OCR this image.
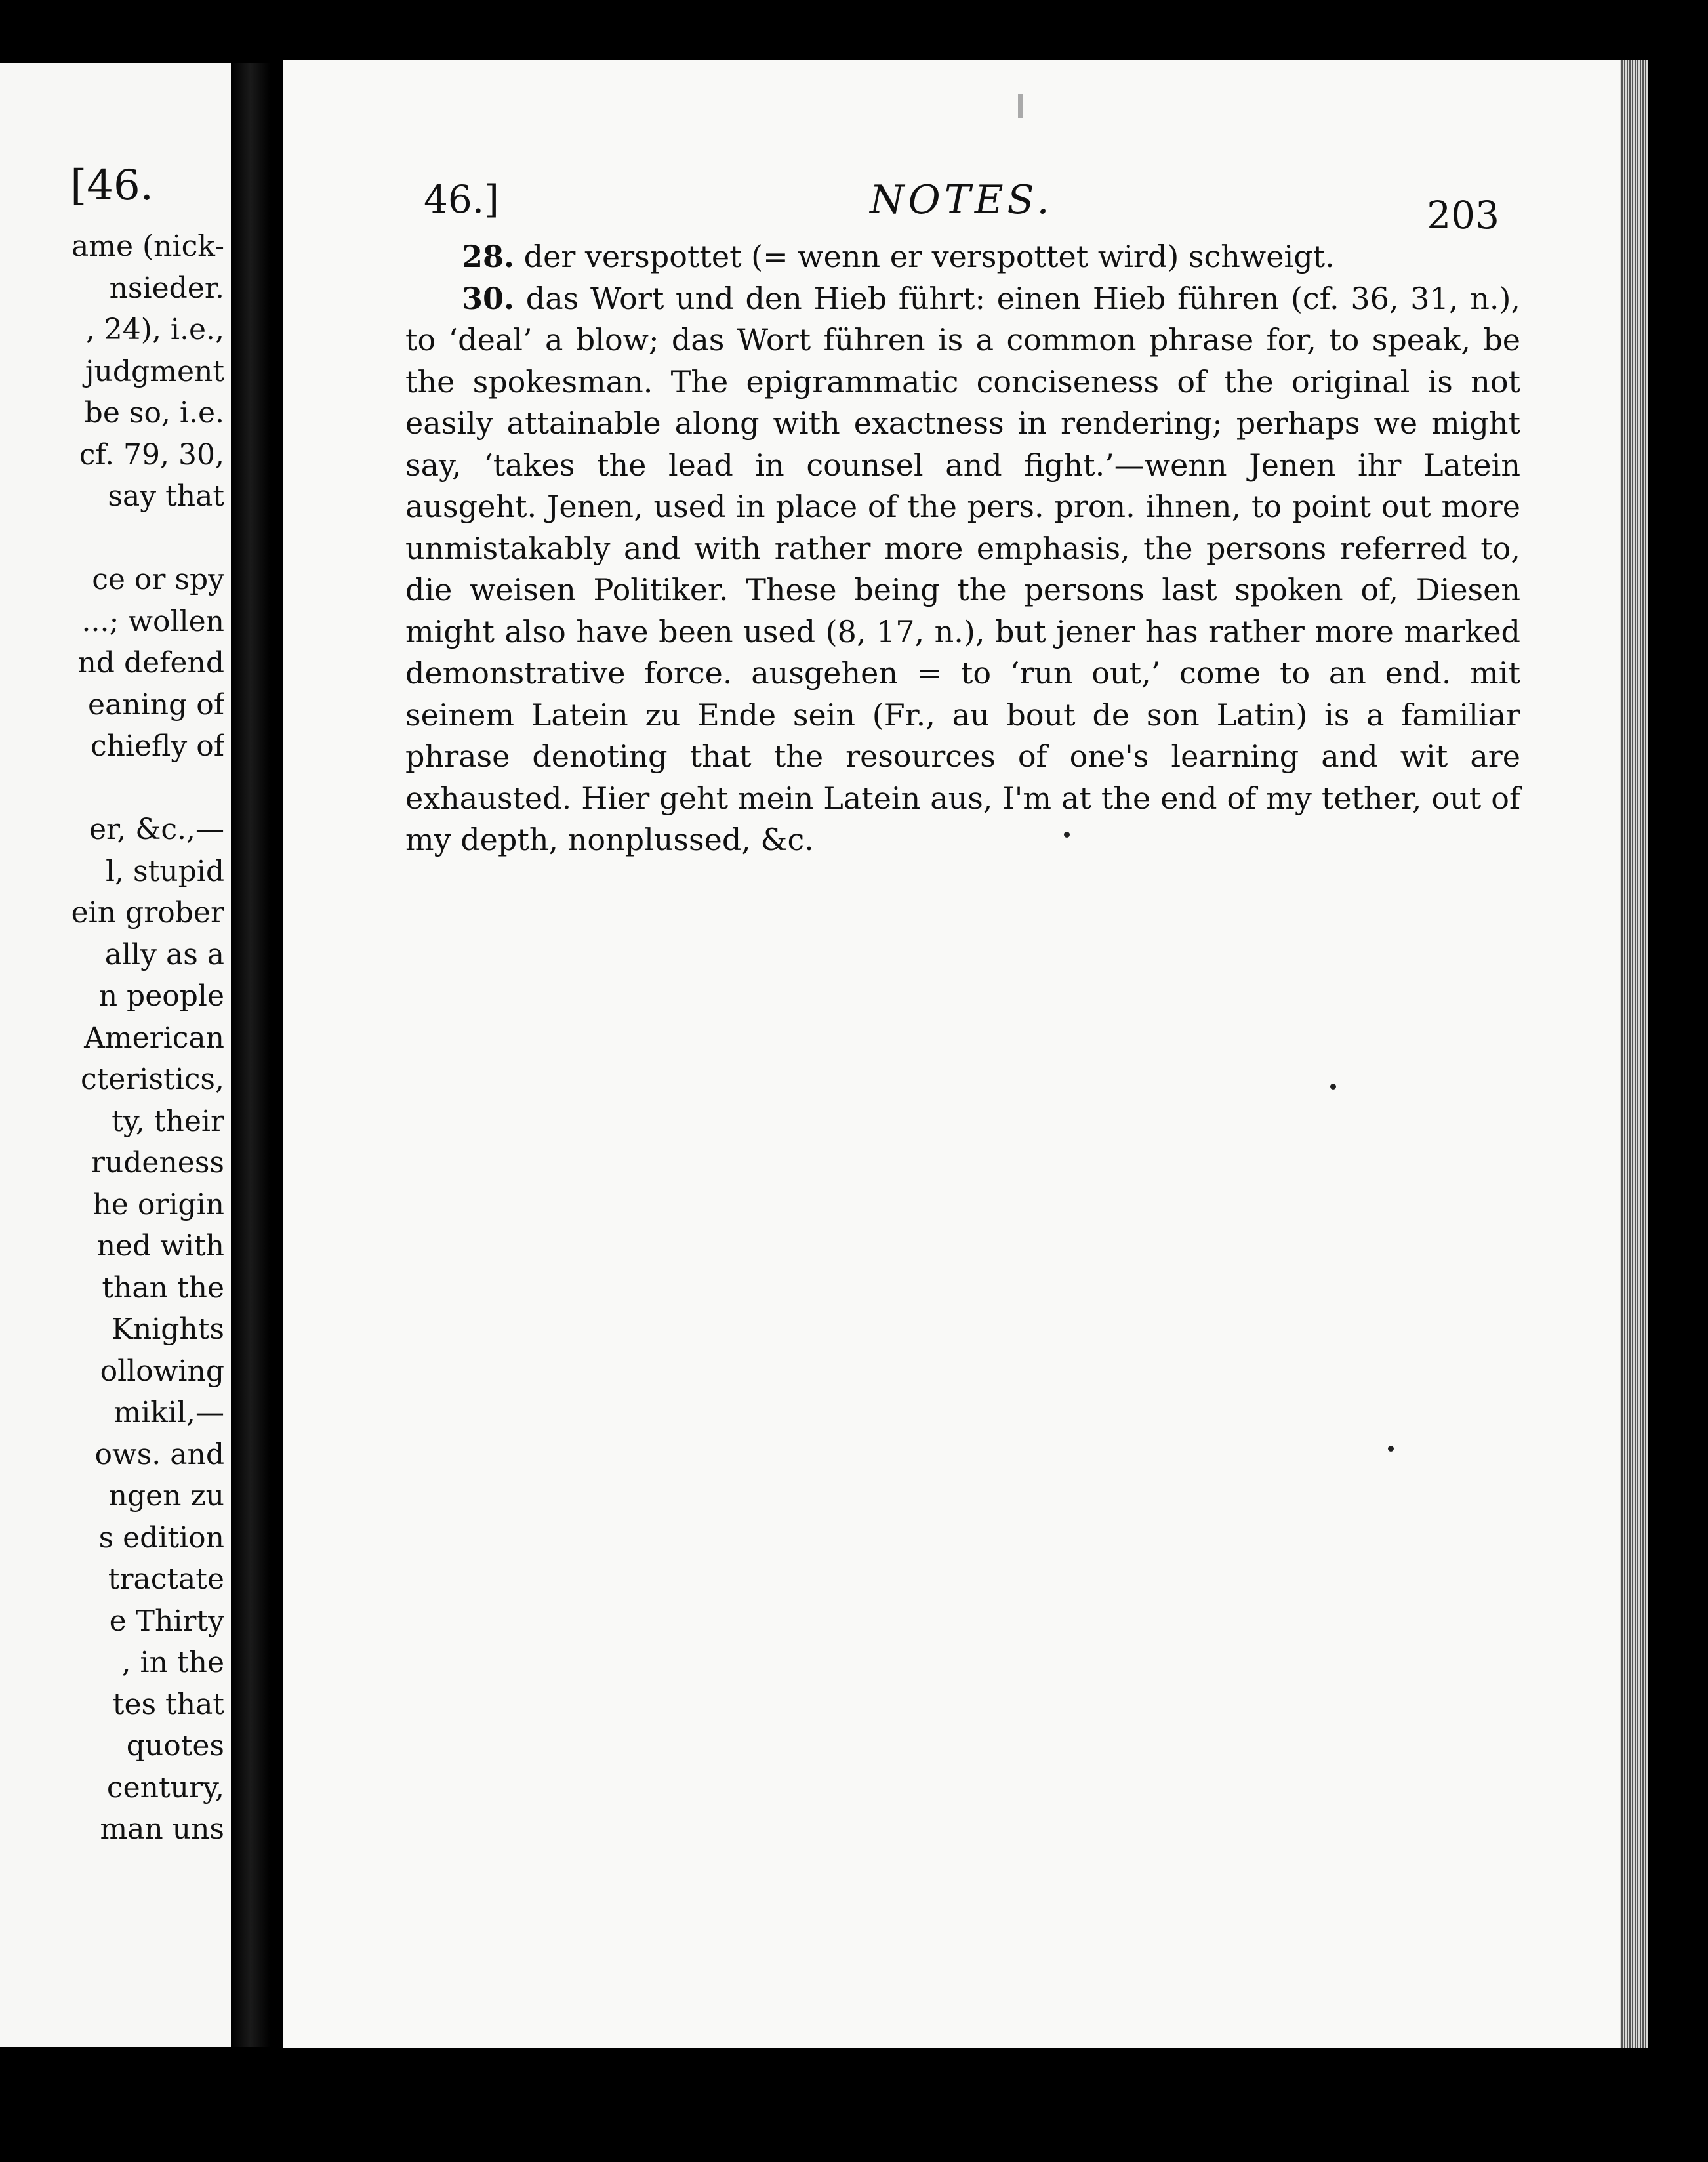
[46.
ame (nick-
nsieder.
, 24), i.e.,
judgment
be so, i.e.
cf. 79, 30,
say that
ce or spy
...; wollen
nd defend
eaning of
chiefly of
er, &c.,—
l, stupid
ein grober
ally as a
n people
American
cteristics,
ty, their
rudeness
he origin
ned with
than the
Knights
ollowing
mikil,—
ows. and
ngen zu
s edition
tractate
e Thirty
, in the
tes that
quotes
century,
man uns
46.]	NOTES.	203

28. der verspottet (= wenn er verspottet wird) schweigt.

30. das Wort und den Hieb führt: einen Hieb führen (cf. 36, 31, n.), to ‘deal’ a blow; das Wort führen is a common phrase for, to speak, be the spokesman. The epigrammatic conciseness of the original is not easily attainable along with exactness in rendering; perhaps we might say, ‘takes the lead in counsel and fight.’—wenn Jenen ihr Latein ausgeht. Jenen, used in place of the pers. pron. ihnen, to point out more unmistakably and with rather more emphasis, the persons referred to, die weisen Politiker. These being the persons last spoken of, Diesen might also have been used (8, 17, n.), but jener has rather more marked demonstrative force. ausgehen = to ‘run out,’ come to an end. mit seinem Latein zu Ende sein (Fr., au bout de son Latin) is a familiar phrase denoting that the resources of one's learning and wit are exhausted. Hier geht mein Latein aus, I'm at the end of my tether, out of my depth, nonplussed, &c.
